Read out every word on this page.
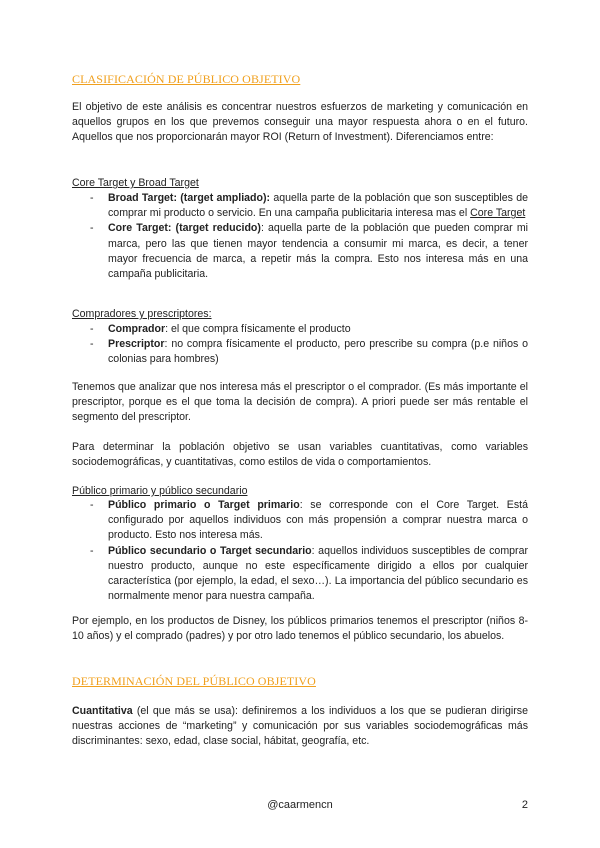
CLASIFICACIÓN DE PÚBLICO OBJETIVO

El objetivo de este análisis es concentrar nuestros esfuerzos de marketing y comunicación en aquellos grupos en los que prevemos conseguir una mayor respuesta ahora o en el futuro. Aquellos que nos proporcionarán mayor ROI (Return of Investment). Diferenciamos entre:

Core Target y Broad Target
- Broad Target: (target ampliado): aquella parte de la población que son susceptibles de comprar mi producto o servicio. En una campaña publicitaria interesa mas el Core Target
- Core Target: (target reducido): aquella parte de la población que pueden comprar mi marca, pero las que tienen mayor tendencia a consumir mi marca, es decir, a tener mayor frecuencia de marca, a repetir más la compra. Esto nos interesa más en una campaña publicitaria.
Compradores y prescriptores:
- Comprador: el que compra físicamente el producto
- Prescriptor: no compra físicamente el producto, pero prescribe su compra (p.e niños o colonias para hombres)

Tenemos que analizar que nos interesa más el prescriptor o el comprador. (Es más importante el prescriptor, porque es el que toma la decisión de compra). A priori puede ser más rentable el segmento del prescriptor.

Para determinar la población objetivo se usan variables cuantitativas, como variables sociodemográficas, y cuantitativas, como estilos de vida o comportamientos.

Público primario y público secundario
- Público primario o Target primario: se corresponde con el Core Target. Está configurado por aquellos individuos con más propensión a comprar nuestra marca o producto. Esto nos interesa más.
- Público secundario o Target secundario: aquellos individuos susceptibles de comprar nuestro producto, aunque no este específicamente dirigido a ellos por cualquier característica (por ejemplo, la edad, el sexo…). La importancia del público secundario es normalmente menor para nuestra campaña.

Por ejemplo, en los productos de Disney, los públicos primarios tenemos el prescriptor (niños 8-10 años) y el comprado (padres) y por otro lado tenemos el público secundario, los abuelos.

DETERMINACIÓN DEL PÚBLICO OBJETIVO

Cuantitativa (el que más se usa): definiremos a los individuos a los que se pudieran dirigirse nuestras acciones de “marketing” y comunicación por sus variables sociodemográficas más discriminantes: sexo, edad, clase social, hábitat, geografía, etc.

@caarmencn	2
